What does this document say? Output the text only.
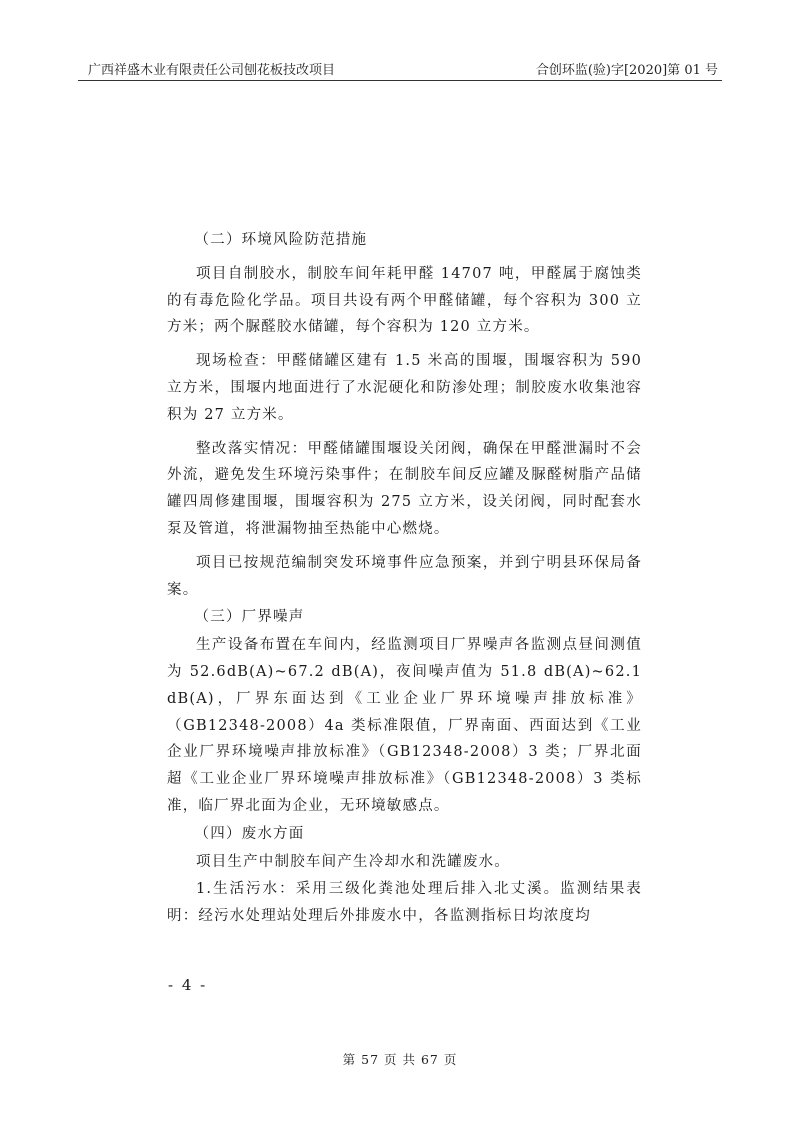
广西祥盛木业有限责任公司刨花板技改项目	合创环监(验)字[2020]第 01 号

（二）环境风险防范措施

项目自制胶水，制胶车间年耗甲醛 14707 吨，甲醛属于腐蚀类的有毒危险化学品。项目共设有两个甲醛储罐，每个容积为 300 立方米；两个脲醛胶水储罐，每个容积为 120 立方米。

现场检查：甲醛储罐区建有 1.5 米高的围堰，围堰容积为 590 立方米，围堰内地面进行了水泥硬化和防渗处理；制胶废水收集池容积为 27 立方米。

整改落实情况：甲醛储罐围堰设关闭阀，确保在甲醛泄漏时不会外流，避免发生环境污染事件；在制胶车间反应罐及脲醛树脂产品储罐四周修建围堰，围堰容积为 275 立方米，设关闭阀，同时配套水泵及管道，将泄漏物抽至热能中心燃烧。

项目已按规范编制突发环境事件应急预案，并到宁明县环保局备案。

（三）厂界噪声

生产设备布置在车间内，经监测项目厂界噪声各监测点昼间测值为 52.6dB(A)~67.2 dB(A)，夜间噪声值为 51.8 dB(A)~62.1 dB(A)，厂界东面达到《工业企业厂界环境噪声排放标准》（GB12348-2008）4a 类标准限值，厂界南面、西面达到《工业企业厂界环境噪声排放标准》（GB12348-2008）3 类；厂界北面超《工业企业厂界环境噪声排放标准》（GB12348-2008）3 类标准，临厂界北面为企业，无环境敏感点。

（四）废水方面

项目生产中制胶车间产生冷却水和洗罐废水。

1.生活污水：采用三级化粪池处理后排入北丈溪。监测结果表明：经污水处理站处理后外排废水中，各监测指标日均浓度均

- 4 -
第 57 页 共 67 页
